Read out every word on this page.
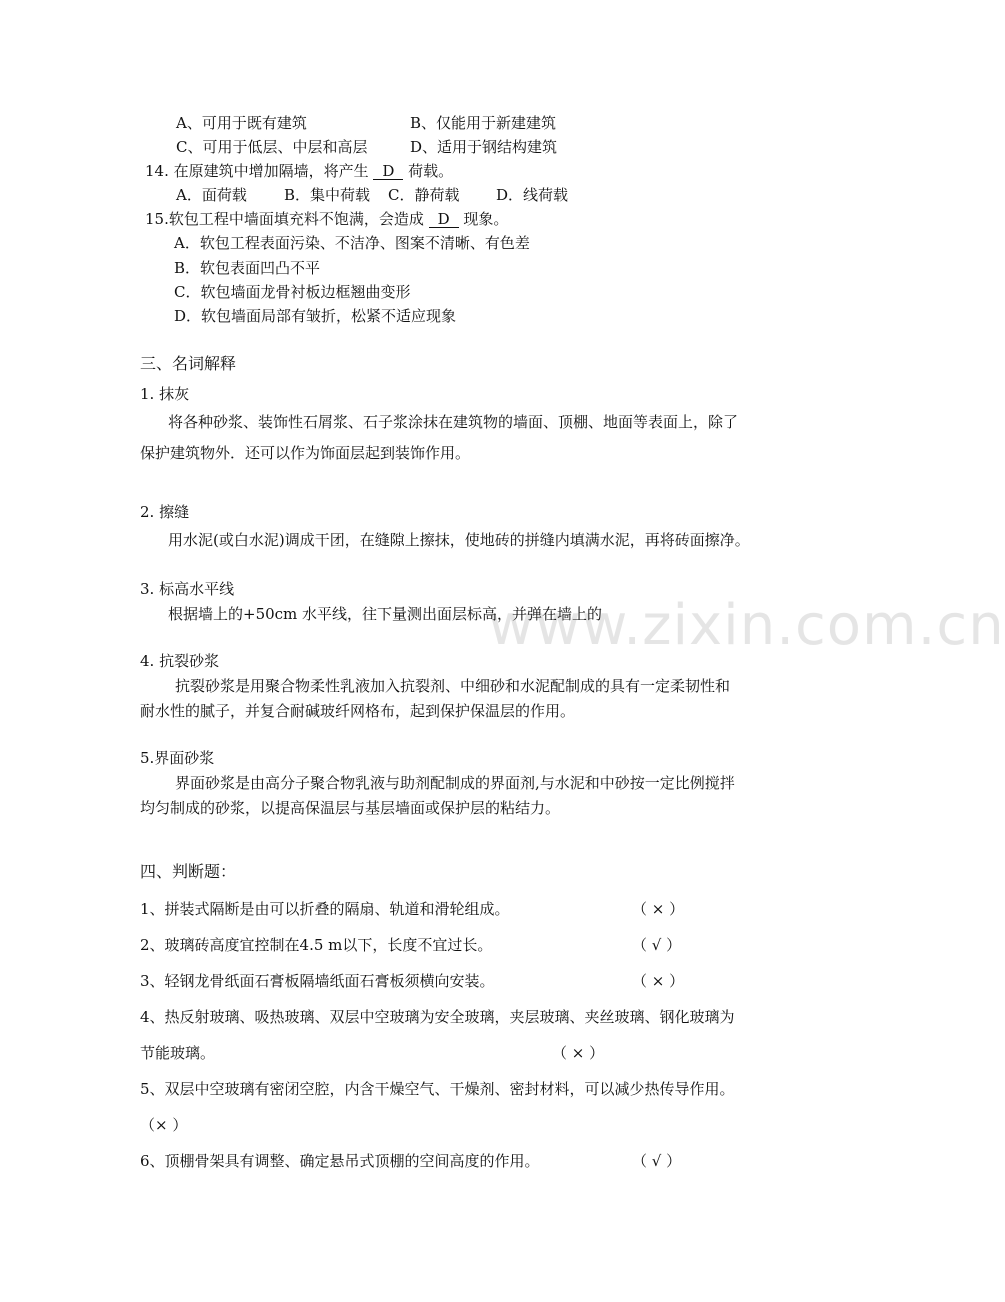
A、可用于既有建筑	B、仅能用于新建建筑
C、可用于低层、中层和高层	D、适用于钢结构建筑
14. 在原建筑中增加隔墙，将产生 D 荷载。
A．面荷载 B．集中荷载 C．静荷载 D．线荷载
15.软包工程中墙面填充料不饱满，会造成 D 现象。
A．软包工程表面污染、不洁净、图案不清晰、有色差
B．软包表面凹凸不平
C．软包墙面龙骨衬板边框翘曲变形
D．软包墙面局部有皱折，松紧不适应现象
三、名词解释
1. 抹灰
将各种砂浆、装饰性石屑浆、石子浆涂抹在建筑物的墙面、顶棚、地面等表面上，除了
保护建筑物外．还可以作为饰面层起到装饰作用。
2. 擦缝
用水泥(或白水泥)调成干团，在缝隙上擦抹，使地砖的拼缝内填满水泥，再将砖面擦净。
3. 标高水平线
根据墙上的+50cm 水平线，往下量测出面层标高，并弹在墙上的
4. 抗裂砂浆
抗裂砂浆是用聚合物柔性乳液加入抗裂剂、中细砂和水泥配制成的具有一定柔韧性和
耐水性的腻子，并复合耐碱玻纤网格布，起到保护保温层的作用。
5.界面砂浆
界面砂浆是由高分子聚合物乳液与助剂配制成的界面剂,与水泥和中砂按一定比例搅拌
均匀制成的砂浆，以提高保温层与基层墙面或保护层的粘结力。
四、判断题：
1、拼装式隔断是由可以折叠的隔扇、轨道和滑轮组成。	（ × ）
2、玻璃砖高度宜控制在4.5 m以下，长度不宜过长。	（ √ ）
3、轻钢龙骨纸面石膏板隔墙纸面石膏板须横向安装。	（ × ）
4、热反射玻璃、吸热玻璃、双层中空玻璃为安全玻璃，夹层玻璃、夹丝玻璃、钢化玻璃为
节能玻璃。	（ × ）
5、双层中空玻璃有密闭空腔，内含干燥空气、干燥剂、密封材料，可以减少热传导作用。
（× ）
6、顶棚骨架具有调整、确定悬吊式顶棚的空间高度的作用。	（ √ ）
www.zixin.com.cn
